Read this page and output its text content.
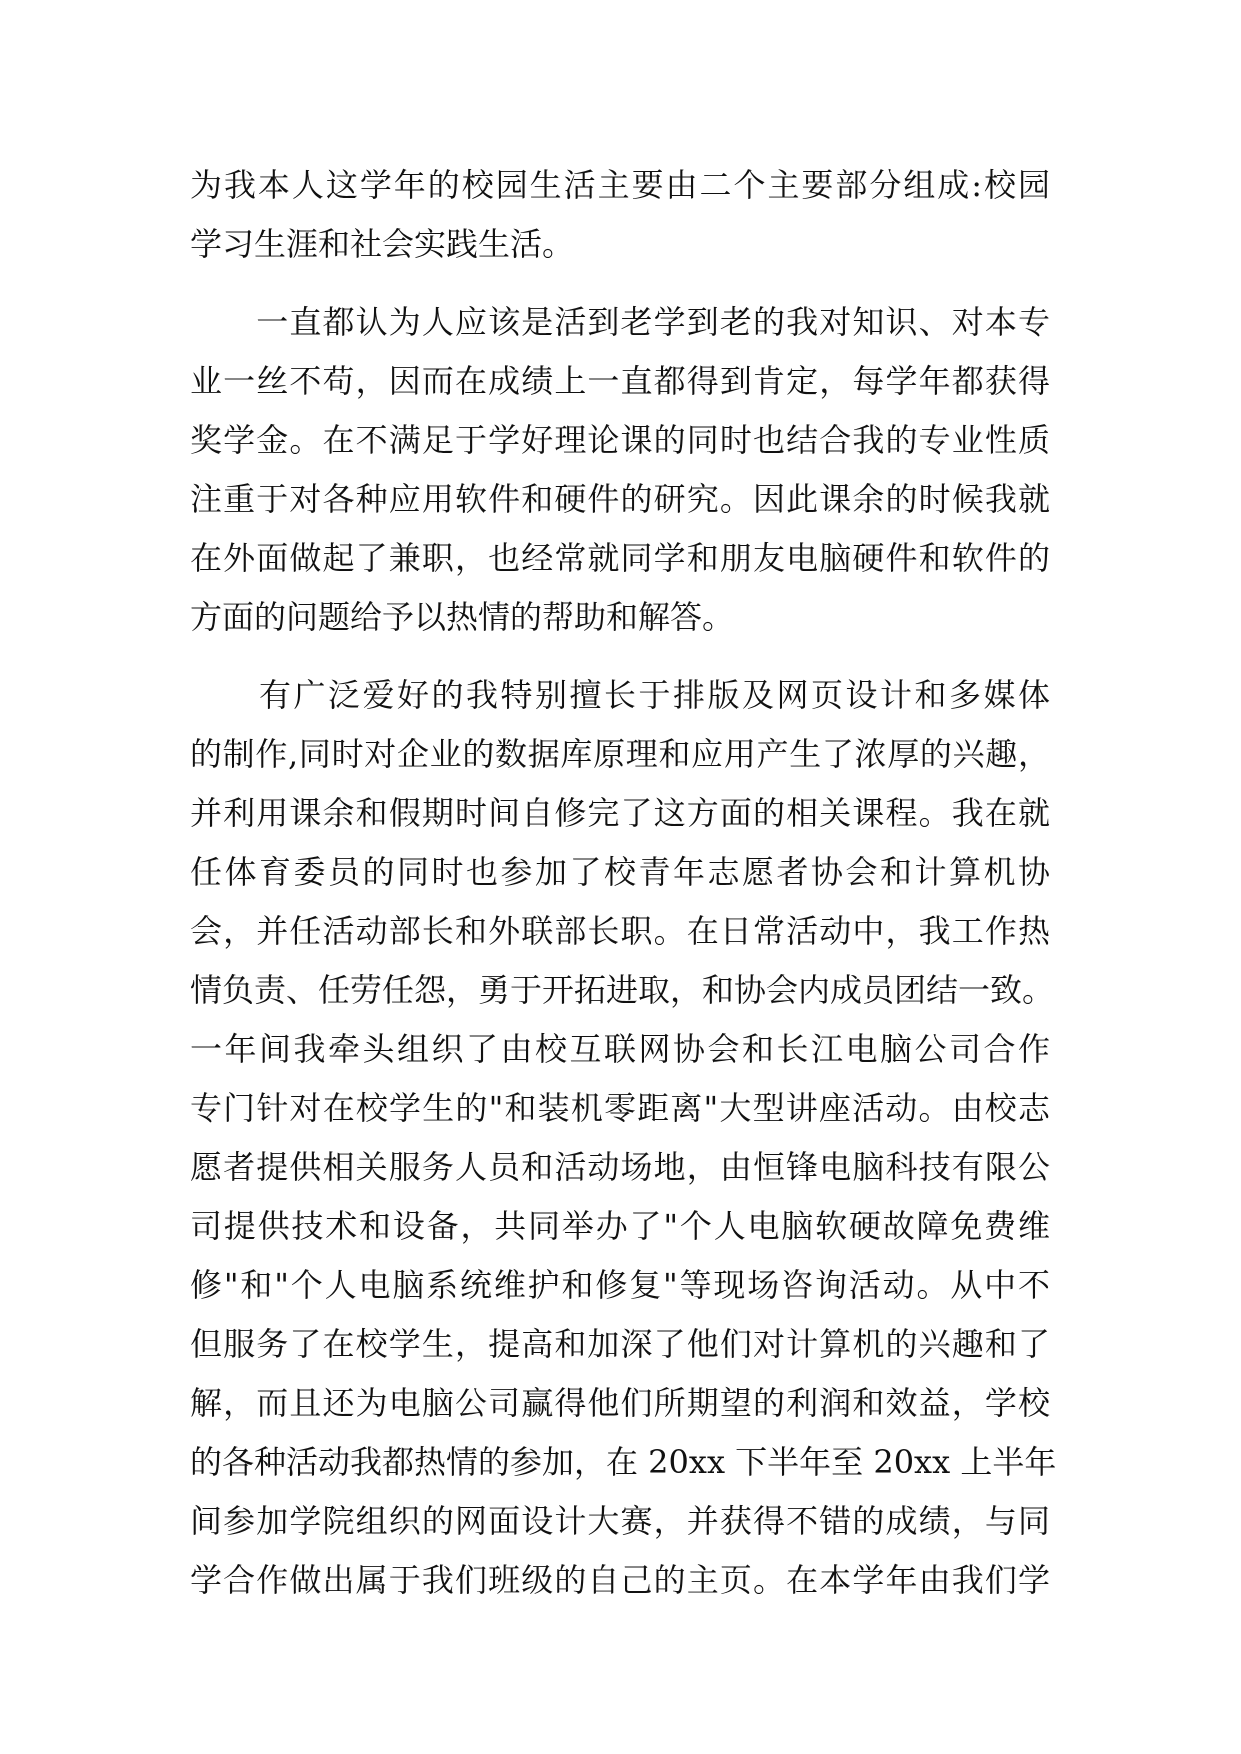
为我本人这学年的校园生活主要由二个主要部分组成:校园
学习生涯和社会实践生活。
　　一直都认为人应该是活到老学到老的我对知识、对本专
业一丝不苟，因而在成绩上一直都得到肯定，每学年都获得
奖学金。在不满足于学好理论课的同时也结合我的专业性质
注重于对各种应用软件和硬件的研究。因此课余的时候我就
在外面做起了兼职，也经常就同学和朋友电脑硬件和软件的
方面的问题给予以热情的帮助和解答。
　　有广泛爱好的我特别擅长于排版及网页设计和多媒体
的制作,同时对企业的数据库原理和应用产生了浓厚的兴趣，
并利用课余和假期时间自修完了这方面的相关课程。我在就
任体育委员的同时也参加了校青年志愿者协会和计算机协
会，并任活动部长和外联部长职。在日常活动中，我工作热
情负责、任劳任怨，勇于开拓进取，和协会内成员团结一致。
一年间我牵头组织了由校互联网协会和长江电脑公司合作
专门针对在校学生的"和装机零距离"大型讲座活动。由校志
愿者提供相关服务人员和活动场地，由恒锋电脑科技有限公
司提供技术和设备，共同举办了"个人电脑软硬故障免费维
修"和"个人电脑系统维护和修复"等现场咨询活动。从中不
但服务了在校学生，提高和加深了他们对计算机的兴趣和了
解，而且还为电脑公司赢得他们所期望的利润和效益，学校
的各种活动我都热情的参加，在 20xx 下半年至 20xx 上半年
间参加学院组织的网面设计大赛，并获得不错的成绩，与同
学合作做出属于我们班级的自己的主页。在本学年由我们学
